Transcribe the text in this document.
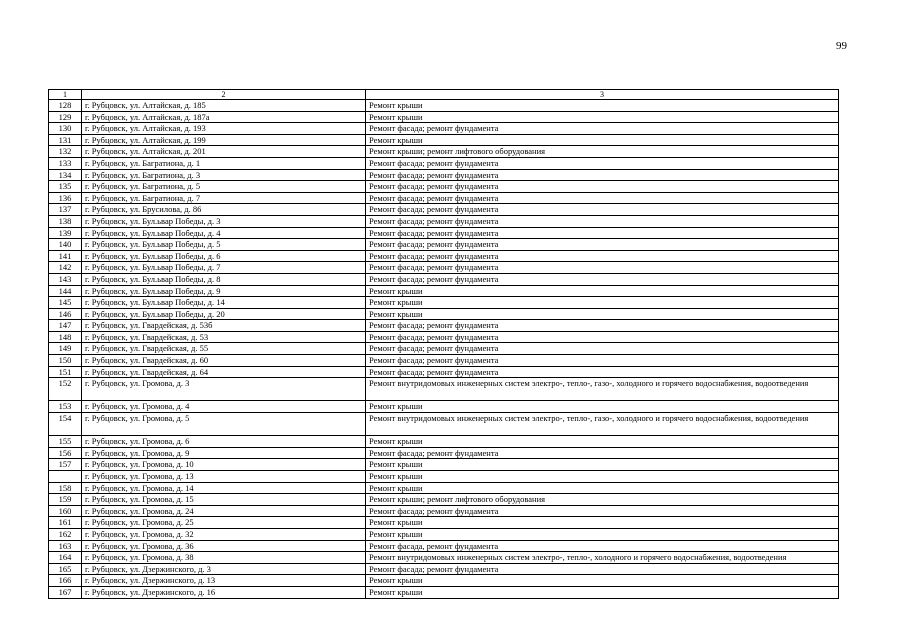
99
1	2	3
128	г. Рубцовск, ул. Алтайская, д. 185	Ремонт крыши
129	г. Рубцовск, ул. Алтайская, д. 187а	Ремонт крыши
130	г. Рубцовск, ул. Алтайская, д. 193	Ремонт фасада; ремонт фундамента
131	г. Рубцовск, ул. Алтайская, д. 199	Ремонт крыши
132	г. Рубцовск, ул. Алтайская, д. 201	Ремонт крыши; ремонт лифтового оборудования
133	г. Рубцовск, ул. Багратиона, д. 1	Ремонт фасада; ремонт фундамента
134	г. Рубцовск, ул. Багратиона, д. 3	Ремонт фасада; ремонт фундамента
135	г. Рубцовск, ул. Багратиона, д. 5	Ремонт фасада; ремонт фундамента
136	г. Рубцовск, ул. Багратиона, д. 7	Ремонт фасада; ремонт фундамента
137	г. Рубцовск, ул. Брусилова, д. 86	Ремонт фасада; ремонт фундамента
138	г. Рубцовск, ул. Бул.ьвар Победы, д. 3	Ремонт фасада; ремонт фундамента
139	г. Рубцовск, ул. Бул.ьвар Победы, д. 4	Ремонт фасада; ремонт фундамента
140	г. Рубцовск, ул. Бул.ьвар Победы, д. 5	Ремонт фасада; ремонт фундамента
141	г. Рубцовск, ул. Бул.ьвар Победы, д. 6	Ремонт фасада; ремонт фундамента
142	г. Рубцовск, ул. Бул.ьвар Победы, д. 7	Ремонт фасада; ремонт фундамента
143	г. Рубцовск, ул. Бул.ьвар Победы, д. 8	Ремонт фасада; ремонт фундамента
144	г. Рубцовск, ул. Бул.ьвар Победы, д. 9	Ремонт крыши
145	г. Рубцовск, ул. Бул.ьвар Победы, д. 14	Ремонт крыши
146	г. Рубцовск, ул. Бул.ьвар Победы, д. 20	Ремонт крыши
147	г. Рубцовск, ул. Гвардейская, д. 53б	Ремонт фасада; ремонт фундамента
148	г. Рубцовск, ул. Гвардейская, д. 53	Ремонт фасада; ремонт фундамента
149	г. Рубцовск, ул. Гвардейская, д. 55	Ремонт фасада; ремонт фундамента
150	г. Рубцовск, ул. Гвардейская, д. 60	Ремонт фасада; ремонт фундамента
151	г. Рубцовск, ул. Гвардейская, д. 64	Ремонт фасада; ремонт фундамента
152	г. Рубцовск, ул. Громова, д. 3	Ремонт внутридомовых инженерных систем электро-, тепло-, газо-, холодного и горячего водоснабжения, водоотведения
153	г. Рубцовск, ул. Громова, д. 4	Ремонт крыши
154	г. Рубцовск, ул. Громова, д. 5	Ремонт внутридомовых инженерных систем электро-, тепло-, газо-, холодного и горячего водоснабжения, водоотведения
155	г. Рубцовск, ул. Громова, д. 6	Ремонт крыши
156	г. Рубцовск, ул. Громова, д. 9	Ремонт фасада; ремонт фундамента
157	г. Рубцовск, ул. Громова, д. 10	Ремонт крыши
	г. Рубцовск, ул. Громова, д. 13	Ремонт крыши
158	г. Рубцовск, ул. Громова, д. 14	Ремонт крыши
159	г. Рубцовск, ул. Громова, д. 15	Ремонт крыши; ремонт лифтового оборудования
160	г. Рубцовск, ул. Громова, д. 24	Ремонт фасада; ремонт фундамента
161	г. Рубцовск, ул. Громова, д. 25	Ремонт крыши
162	г. Рубцовск, ул. Громова, д. 32	Ремонт крыши
163	г. Рубцовск, ул. Громова, д. 36	Ремонт фасада, ремонт фундамента
164	г. Рубцовск, ул. Громова, д. 38	Ремонт внутридомовых инженерных систем электро-, тепло-, холодного и горячего водоснабжения, водоотведения
165	г. Рубцовск, ул. Дзержинского, д. 3	Ремонт фасада; ремонт фундамента
166	г. Рубцовск, ул. Дзержинского, д. 13	Ремонт крыши
167	г. Рубцовск, ул. Дзержинского, д. 16	Ремонт крыши
